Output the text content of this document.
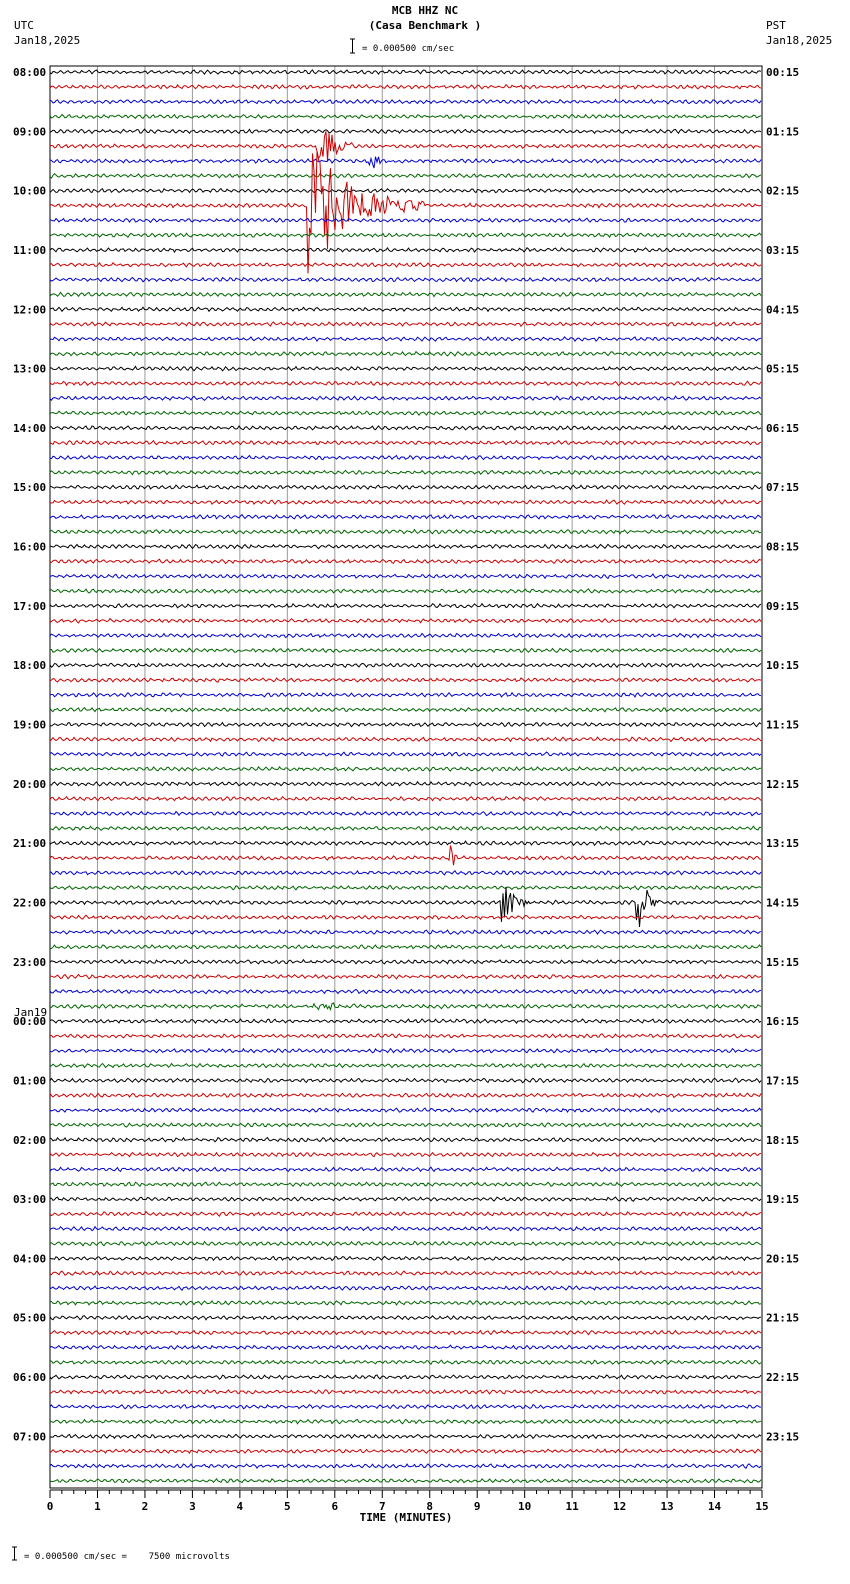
MCB HHZ NC
(Casa Benchmark )
= 0.000500 cm/sec
UTC
Jan18,2025
PST
Jan18,2025
Jan19
= 0.000500 cm/sec =    7500 microvolts
08:00
09:00
10:00
11:00
12:00
13:00
14:00
15:00
16:00
17:00
18:00
19:00
20:00
21:00
22:00
23:00
00:00
01:00
02:00
03:00
04:00
05:00
06:00
07:00
00:15
01:15
02:15
03:15
04:15
05:15
06:15
07:15
08:15
09:15
10:15
11:15
12:15
13:15
14:15
15:15
16:15
17:15
18:15
19:15
20:15
21:15
22:15
23:15
0	1	2	3	4	5	6	7	8	9	10	11	12	13	14	15
TIME (MINUTES)
